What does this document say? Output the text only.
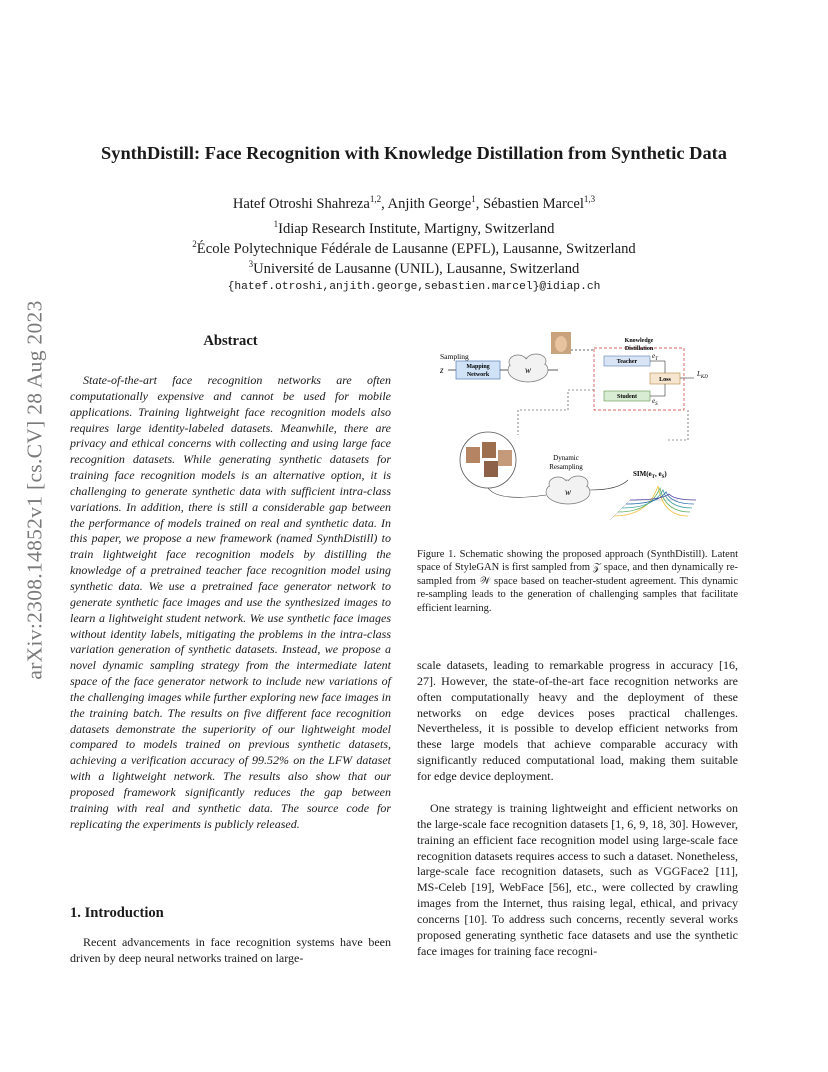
arXiv:2308.14852v1 [cs.CV] 28 Aug 2023
SynthDistill: Face Recognition with Knowledge Distillation from Synthetic Data
Hatef Otroshi Shahreza$^{1,2}$, Anjith George$^1$, Sébastien Marcel$^{1,3}$
$^1$Idiap Research Institute, Martigny, Switzerland
$^2$École Polytechnique Fédérale de Lausanne (EPFL), Lausanne, Switzerland
$^3$Université de Lausanne (UNIL), Lausanne, Switzerland
{hatef.otroshi,anjith.george,sebastien.marcel}@idiap.ch
Abstract
State-of-the-art face recognition networks are often computationally expensive and cannot be used for mobile applications. Training lightweight face recognition models also requires large identity-labeled datasets. Meanwhile, there are privacy and ethical concerns with collecting and using large face recognition datasets. While generating synthetic datasets for training face recognition models is an alternative option, it is challenging to generate synthetic data with sufficient intra-class variations. In addition, there is still a considerable gap between the performance of models trained on real and synthetic data. In this paper, we propose a new framework (named SynthDistill) to train lightweight face recognition models by distilling the knowledge of a pretrained teacher face recognition model using synthetic data. We use a pretrained face generator network to generate synthetic face images and use the synthesized images to learn a lightweight student network. We use synthetic face images without identity labels, mitigating the problems in the intra-class variation generation of synthetic datasets. Instead, we propose a novel dynamic sampling strategy from the intermediate latent space of the face generator network to include new variations of the challenging images while further exploring new face images in the training batch. The results on five different face recognition datasets demonstrate the superiority of our lightweight model compared to models trained on previous synthetic datasets, achieving a verification accuracy of 99.52% on the LFW dataset with a lightweight network. The results also show that our proposed framework significantly reduces the gap between training with real and synthetic data. The source code for replicating the experiments is publicly released.
1. Introduction
Recent advancements in face recognition systems have been driven by deep neural networks trained on large-
Sampling
z	Mapping
Network	w
Knowledge
Distillation
Teacher
$e_T$
Loss
Student $e_S$
$L_{KD}$
Dynamic
Resampling
w
$SIM(e_T$, $e_S$)
Figure 1. Schematic showing the proposed approach (SynthDistill). Latent space of StyleGAN is first sampled from 𝒵 space, and then dynamically re-sampled from 𝒲 space based on teacher-student agreement. This dynamic re-sampling leads to the generation of challenging samples that facilitate efficient learning.
scale datasets, leading to remarkable progress in accuracy [16, 27]. However, the state-of-the-art face recognition networks are often computationally heavy and the deployment of these networks on edge devices poses practical challenges. Nevertheless, it is possible to develop efficient networks from these large models that achieve comparable accuracy with significantly reduced computational load, making them suitable for edge device deployment.
One strategy is training lightweight and efficient networks on the large-scale face recognition datasets [1, 6, 9, 18, 30]. However, training an efficient face recognition model using large-scale face recognition datasets requires access to such a dataset. Nonetheless, large-scale face recognition datasets, such as VGGFace2 [11], MS-Celeb [19], WebFace [56], etc., were collected by crawling images from the Internet, thus raising legal, ethical, and privacy concerns [10]. To address such concerns, recently several works proposed generating synthetic face datasets and use the synthetic face images for training face recogni-
